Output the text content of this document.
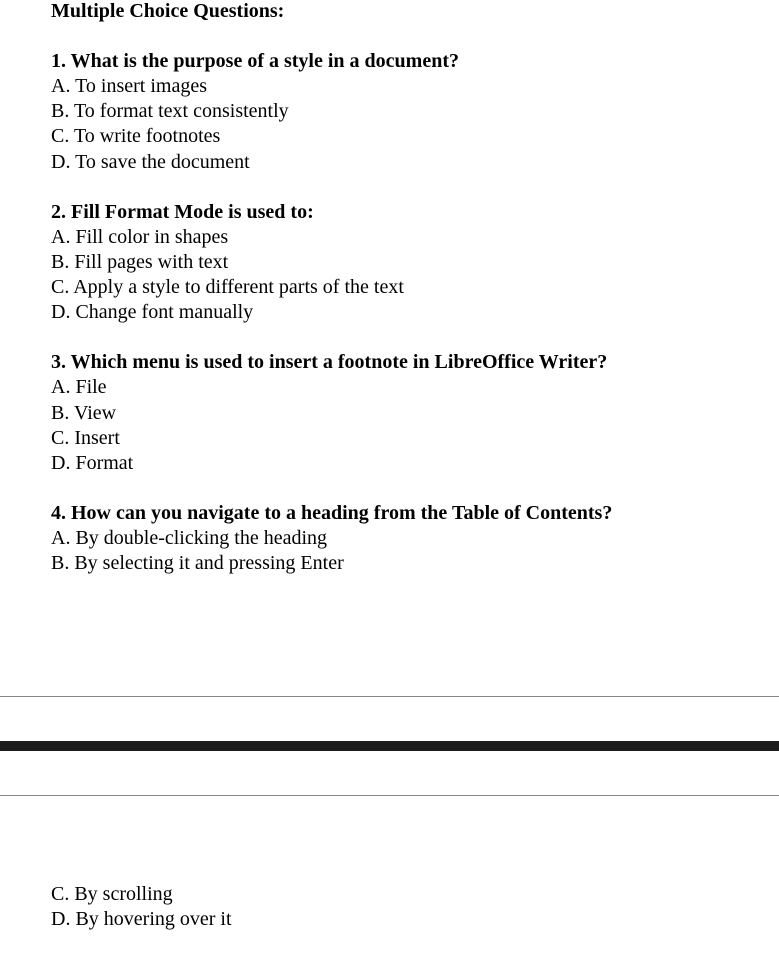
Multiple Choice Questions:
1. What is the purpose of a style in a document?
A. To insert images
B. To format text consistently
C. To write footnotes
D. To save the document
2. Fill Format Mode is used to:
A. Fill color in shapes
B. Fill pages with text
C. Apply a style to different parts of the text
D. Change font manually
3. Which menu is used to insert a footnote in LibreOffice Writer?
A. File
B. View
C. Insert
D. Format
4. How can you navigate to a heading from the Table of Contents?
A. By double-clicking the heading
B. By selecting it and pressing Enter
C. By scrolling
D. By hovering over it
